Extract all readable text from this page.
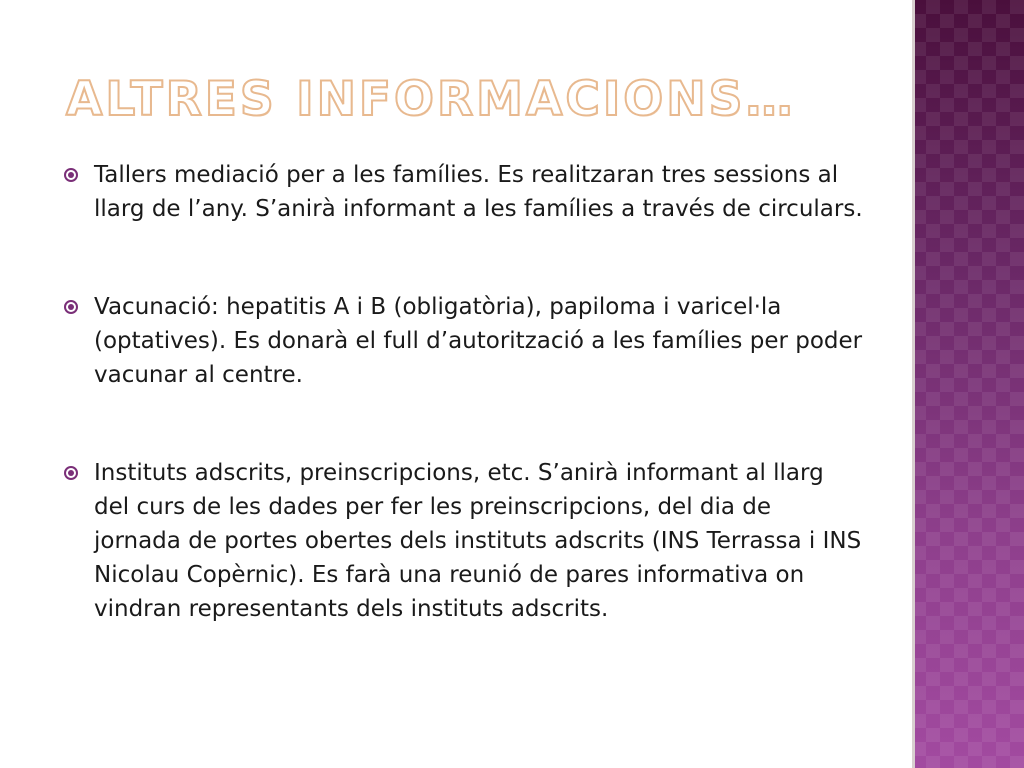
ALTRES INFORMACIONS…
Tallers mediació per a les famílies. Es realitzaran tres sessions al llarg de l’any. S’anirà informant a les famílies a través de circulars.
Vacunació: hepatitis A i B (obligatòria), papiloma i varicel·la (optatives). Es donarà el full d’autorització a les famílies per poder vacunar al centre.
Instituts adscrits, preinscripcions, etc. S’anirà informant al llarg del curs de les dades per fer les preinscripcions, del dia de jornada de portes obertes dels instituts adscrits (INS Terrassa i INS Nicolau Copèrnic). Es farà una reunió de pares informativa on vindran representants dels instituts adscrits.
